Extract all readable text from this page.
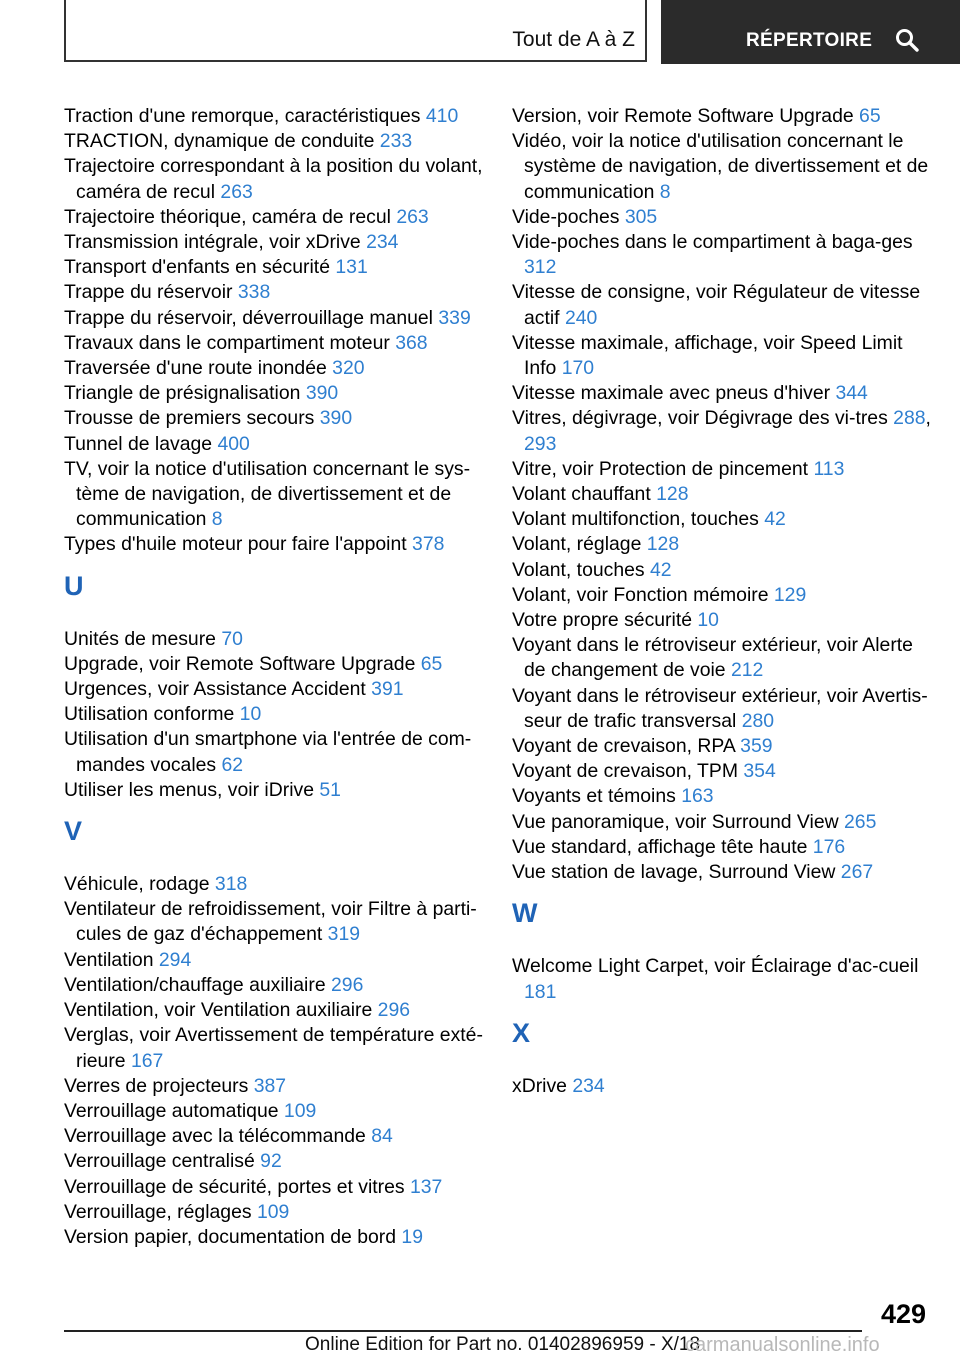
Tout de A à Z	RÉPERTOIRE
Traction d'une remorque, caractéristiques 410
TRACTION, dynamique de conduite 233
Trajectoire correspondant à la position du volant, caméra de recul 263
Trajectoire théorique, caméra de recul 263
Transmission intégrale, voir xDrive 234
Transport d'enfants en sécurité 131
Trappe du réservoir 338
Trappe du réservoir, déverrouillage manuel 339
Travaux dans le compartiment moteur 368
Traversée d'une route inondée 320
Triangle de présignalisation 390
Trousse de premiers secours 390
Tunnel de lavage 400
TV, voir la notice d'utilisation concernant le sys-tème de navigation, de divertissement et de communication 8
Types d'huile moteur pour faire l'appoint 378
U
Unités de mesure 70
Upgrade, voir Remote Software Upgrade 65
Urgences, voir Assistance Accident 391
Utilisation conforme 10
Utilisation d'un smartphone via l'entrée de com-mandes vocales 62
Utiliser les menus, voir iDrive 51
V
Véhicule, rodage 318
Ventilateur de refroidissement, voir Filtre à parti-cules de gaz d'échappement 319
Ventilation 294
Ventilation/chauffage auxiliaire 296
Ventilation, voir Ventilation auxiliaire 296
Verglas, voir Avertissement de température exté-rieure 167
Verres de projecteurs 387
Verrouillage automatique 109
Verrouillage avec la télécommande 84
Verrouillage centralisé 92
Verrouillage de sécurité, portes et vitres 137
Verrouillage, réglages 109
Version papier, documentation de bord 19
Version, voir Remote Software Upgrade 65
Vidéo, voir la notice d'utilisation concernant le système de navigation, de divertissement et de communication 8
Vide-poches 305
Vide-poches dans le compartiment à baga-ges 312
Vitesse de consigne, voir Régulateur de vitesse actif 240
Vitesse maximale, affichage, voir Speed Limit Info 170
Vitesse maximale avec pneus d'hiver 344
Vitres, dégivrage, voir Dégivrage des vi-tres 288, 293
Vitre, voir Protection de pincement 113
Volant chauffant 128
Volant multifonction, touches 42
Volant, réglage 128
Volant, touches 42
Volant, voir Fonction mémoire 129
Votre propre sécurité 10
Voyant dans le rétroviseur extérieur, voir Alerte de changement de voie 212
Voyant dans le rétroviseur extérieur, voir Avertis-seur de trafic transversal 280
Voyant de crevaison, RPA 359
Voyant de crevaison, TPM 354
Voyants et témoins 163
Vue panoramique, voir Surround View 265
Vue standard, affichage tête haute 176
Vue station de lavage, Surround View 267
W
Welcome Light Carpet, voir Éclairage d'ac-cueil 181
X
xDrive 234
429
Online Edition for Part no. 01402896959 - X/18
carmanualsonline.info
